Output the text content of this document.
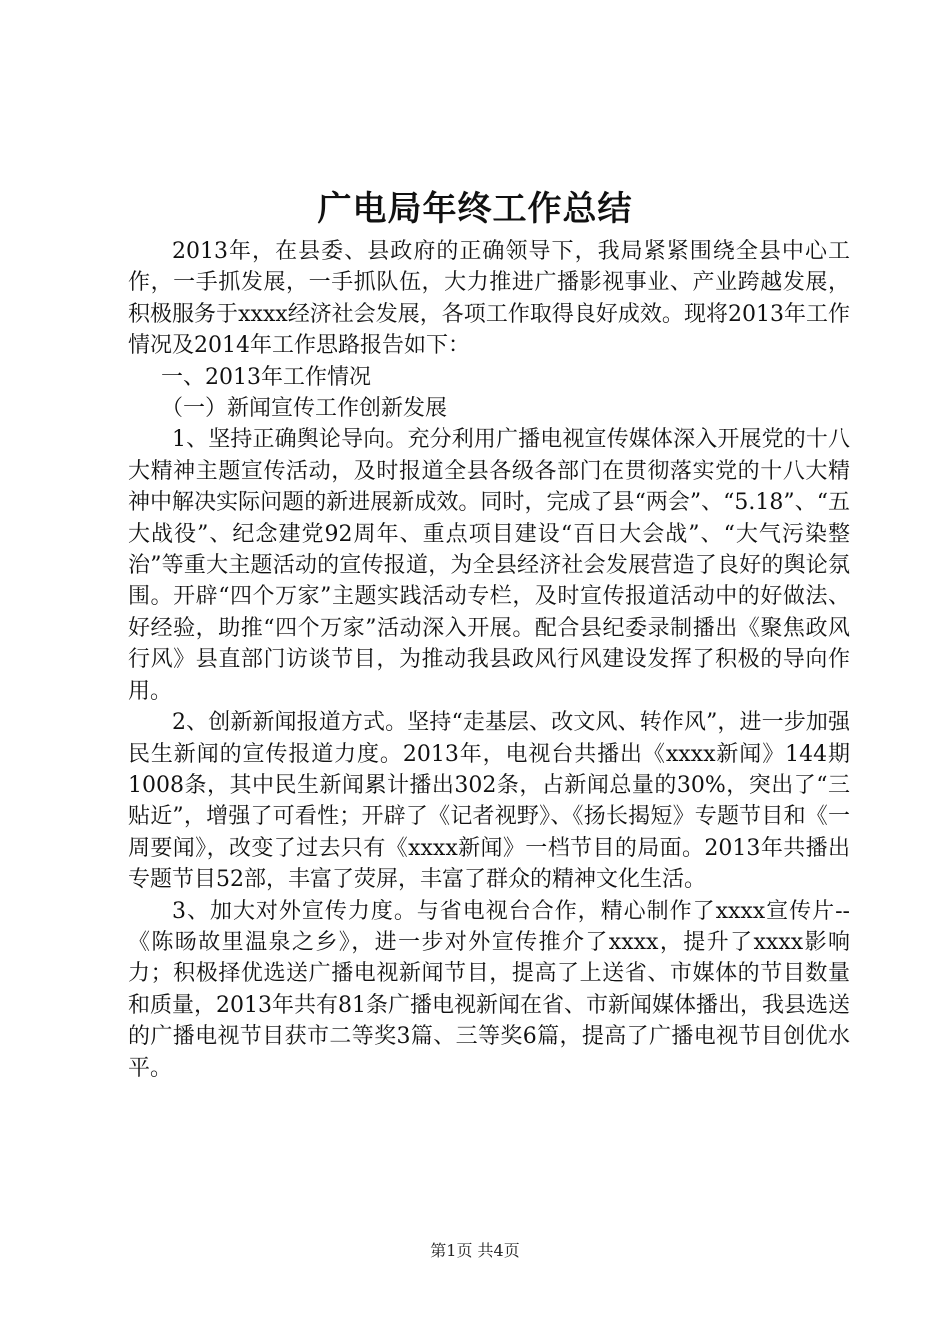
广电局年终工作总结

2013年，在县委、县政府的正确领导下，我局紧紧围绕全县中心工作，一手抓发展，一手抓队伍，大力推进广播影视事业、产业跨越发展，积极服务于xxxx经济社会发展，各项工作取得良好成效。现将2013年工作情况及2014年工作思路报告如下：

一、2013年工作情况

（一）新闻宣传工作创新发展

1、坚持正确舆论导向。充分利用广播电视宣传媒体深入开展党的十八大精神主题宣传活动，及时报道全县各级各部门在贯彻落实党的十八大精神中解决实际问题的新进展新成效。同时，完成了县“两会”、“5.18”、“五大战役”、纪念建党92周年、重点项目建设“百日大会战”、“大气污染整治”等重大主题活动的宣传报道，为全县经济社会发展营造了良好的舆论氛围。开辟“四个万家”主题实践活动专栏，及时宣传报道活动中的好做法、好经验，助推“四个万家”活动深入开展。配合县纪委录制播出《聚焦政风行风》县直部门访谈节目，为推动我县政风行风建设发挥了积极的导向作用。

2、创新新闻报道方式。坚持“走基层、改文风、转作风”，进一步加强民生新闻的宣传报道力度。2013年，电视台共播出《xxxx新闻》144期1008条，其中民生新闻累计播出302条，占新闻总量的30%，突出了“三贴近”，增强了可看性；开辟了《记者视野》、《扬长揭短》专题节目和《一周要闻》，改变了过去只有《xxxx新闻》一档节目的局面。2013年共播出专题节目52部，丰富了荧屏，丰富了群众的精神文化生活。

3、加大对外宣传力度。与省电视台合作，精心制作了xxxx宣传片--《陈旸故里温泉之乡》，进一步对外宣传推介了xxxx，提升了xxxx影响力；积极择优选送广播电视新闻节目，提高了上送省、市媒体的节目数量和质量，2013年共有81条广播电视新闻在省、市新闻媒体播出，我县选送的广播电视节目获市二等奖3篇、三等奖6篇，提高了广播电视节目创优水平。

第1页 共4页
